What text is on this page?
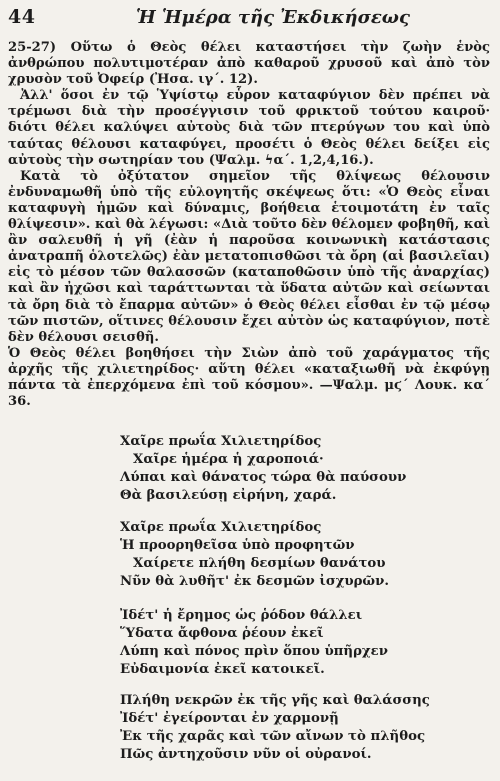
44	Ἡ Ἡμέρα τῆς Ἐκδικήσεως

25-27) Οὕτω ὁ Θεὸς θέλει καταστήσει τὴν ζωὴν ἑνὸς ἀνθρώπου πολυτιμοτέραν ἀπὸ καθαροῦ χρυσοῦ καὶ ἀπὸ τὸν χρυσὸν τοῦ Ὀφείρ (Ἠσα. ιγ΄. 12).

Ἀλλ' ὅσοι ἐν τῷ Ὑψίστῳ εὗρον καταφύγιον δὲν πρέπει νὰ τρέμωσι διὰ τὴν προσέγγισιν τοῦ φρικτοῦ τούτου καιροῦ· διότι θέλει καλύψει αὐτοὺς διὰ τῶν πτερύγων του καὶ ὑπὸ ταύτας θέλουσι καταφύγει, προσέτι ὁ Θεὸς θέλει δείξει εἰς αὐτοὺς τὴν σωτηρίαν του (Ψαλμ. ϟα΄. 1,2,4,16.).

Κατὰ τὸ ὀξύτατον σημεῖον τῆς θλίψεως θέλουσιν ἐνδυναμωθῆ ὑπὸ τῆς εὐλογητῆς σκέψεως ὅτι: «Ὁ Θεὸς εἶναι καταφυγὴ ἡμῶν καὶ δύναμις, βοήθεια ἑτοιμοτάτη ἐν ταῖς θλίψεσιν». καὶ θὰ λέγωσι: «Διὰ τοῦτο δὲν θέλομεν φοβηθῆ, καὶ ἂν σαλευθῆ ἡ γῆ (ἐὰν ἡ παροῦσα κοινωνικὴ κατάστασις ἀνατραπῆ ὁλοτελῶς) ἐὰν μετατοπισθῶσι τὰ ὄρη (αἱ βασιλεῖαι) εἰς τὸ μέσον τῶν θαλασσῶν (καταποθῶσιν ὑπὸ τῆς ἀναρχίας) καὶ ἂν ἠχῶσι καὶ ταράττωνται τὰ ὕδατα αὐτῶν καὶ σείωνται τὰ ὄρη διὰ τὸ ἔπαρμα αὐτῶν» ὁ Θεὸς θέλει εἶσθαι ἐν τῷ μέσῳ τῶν πιστῶν, οἵτινες θέλουσιν ἔχει αὐτὸν ὡς καταφύγιον, ποτὲ δὲν θέλουσι σεισθῆ.

Ὁ Θεὸς θέλει βοηθήσει τὴν Σιὼν ἀπὸ τοῦ χαράγματος τῆς ἀρχῆς τῆς χιλιετηρίδος· αὕτη θέλει «καταξιωθῆ νὰ ἐκφύγῃ πάντα τὰ ἐπερχόμενα ἐπὶ τοῦ κόσμου». —Ψαλμ. μϛ΄ Λουκ. κα΄ 36.

Χαῖρε πρωΐα Χιλιετηρίδος
Χαῖρε ἡμέρα ἡ χαροποιά·
Λύπαι καὶ θάνατος τώρα θὰ παύσουν
Θὰ βασιλεύσῃ εἰρήνη, χαρά.
Χαῖρε πρωΐα Χιλιετηρίδος
Ἡ προορηθεῖσα ὑπὸ προφητῶν
Χαίρετε πλήθη δεσμίων θανάτου
Νῦν θὰ λυθῆτ' ἐκ δεσμῶν ἰσχυρῶν.
Ἰδέτ' ἡ ἔρημος ὡς ῥόδον θάλλει
Ὕδατα ἄφθονα ῥέουν ἐκεῖ
Λύπη καὶ πόνος πρὶν ὅπου ὑπῆρχεν
Εὐδαιμονία ἐκεῖ κατοικεῖ.
Πλήθη νεκρῶν ἐκ τῆς γῆς καὶ θαλάσσης
Ἰδέτ' ἐγείρονται ἐν χαρμονῇ
Ἐκ τῆς χαρᾶς καὶ τῶν αἴνων τὸ πλῆθος
Πῶς ἀντηχοῦσιν νῦν οἱ οὐρανοί.
